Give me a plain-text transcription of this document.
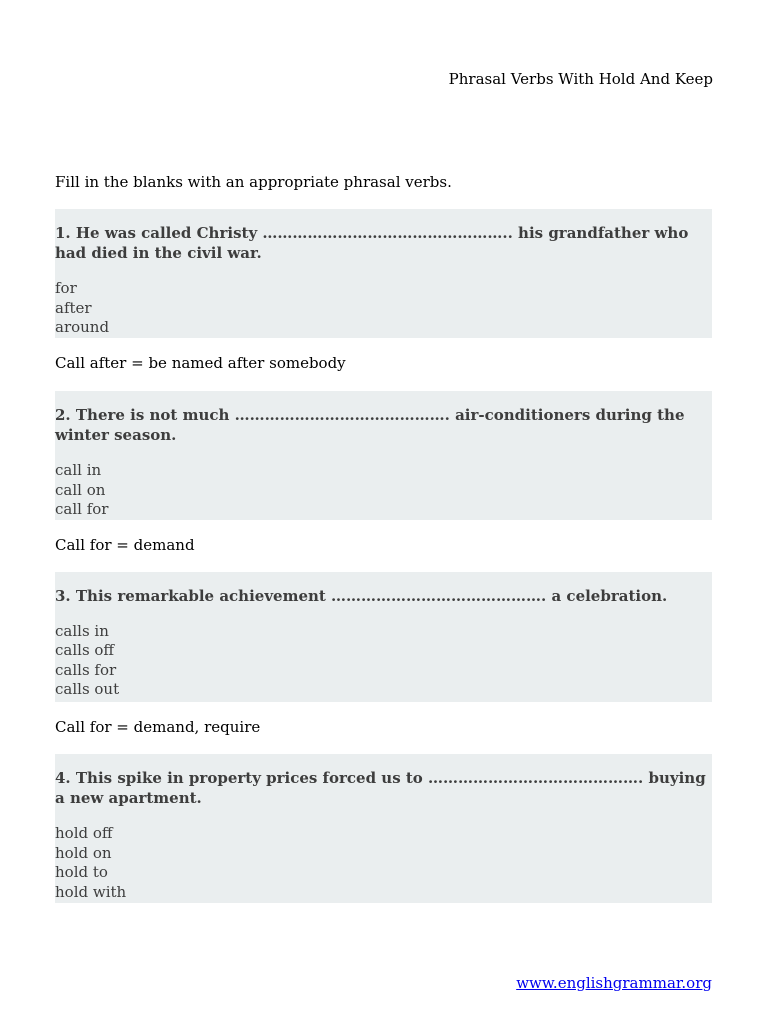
Phrasal Verbs With Hold And Keep
Fill in the blanks with an appropriate phrasal verbs.

1. He was called Christy ………………………………………….. his grandfather who had died in the civil war.

for
after
around
Call after = be named after somebody

2. There is not much ……………………………………. air-conditioners during the winter season.

call in
call on
call for
Call for = demand

3. This remarkable achievement ……………………………………. a celebration.

calls in
calls off
calls for
calls out
Call for = demand, require

4. This spike in property prices forced us to ……………………………………. buying a new apartment.

hold off
hold on
hold to
hold with
www.englishgrammar.org
